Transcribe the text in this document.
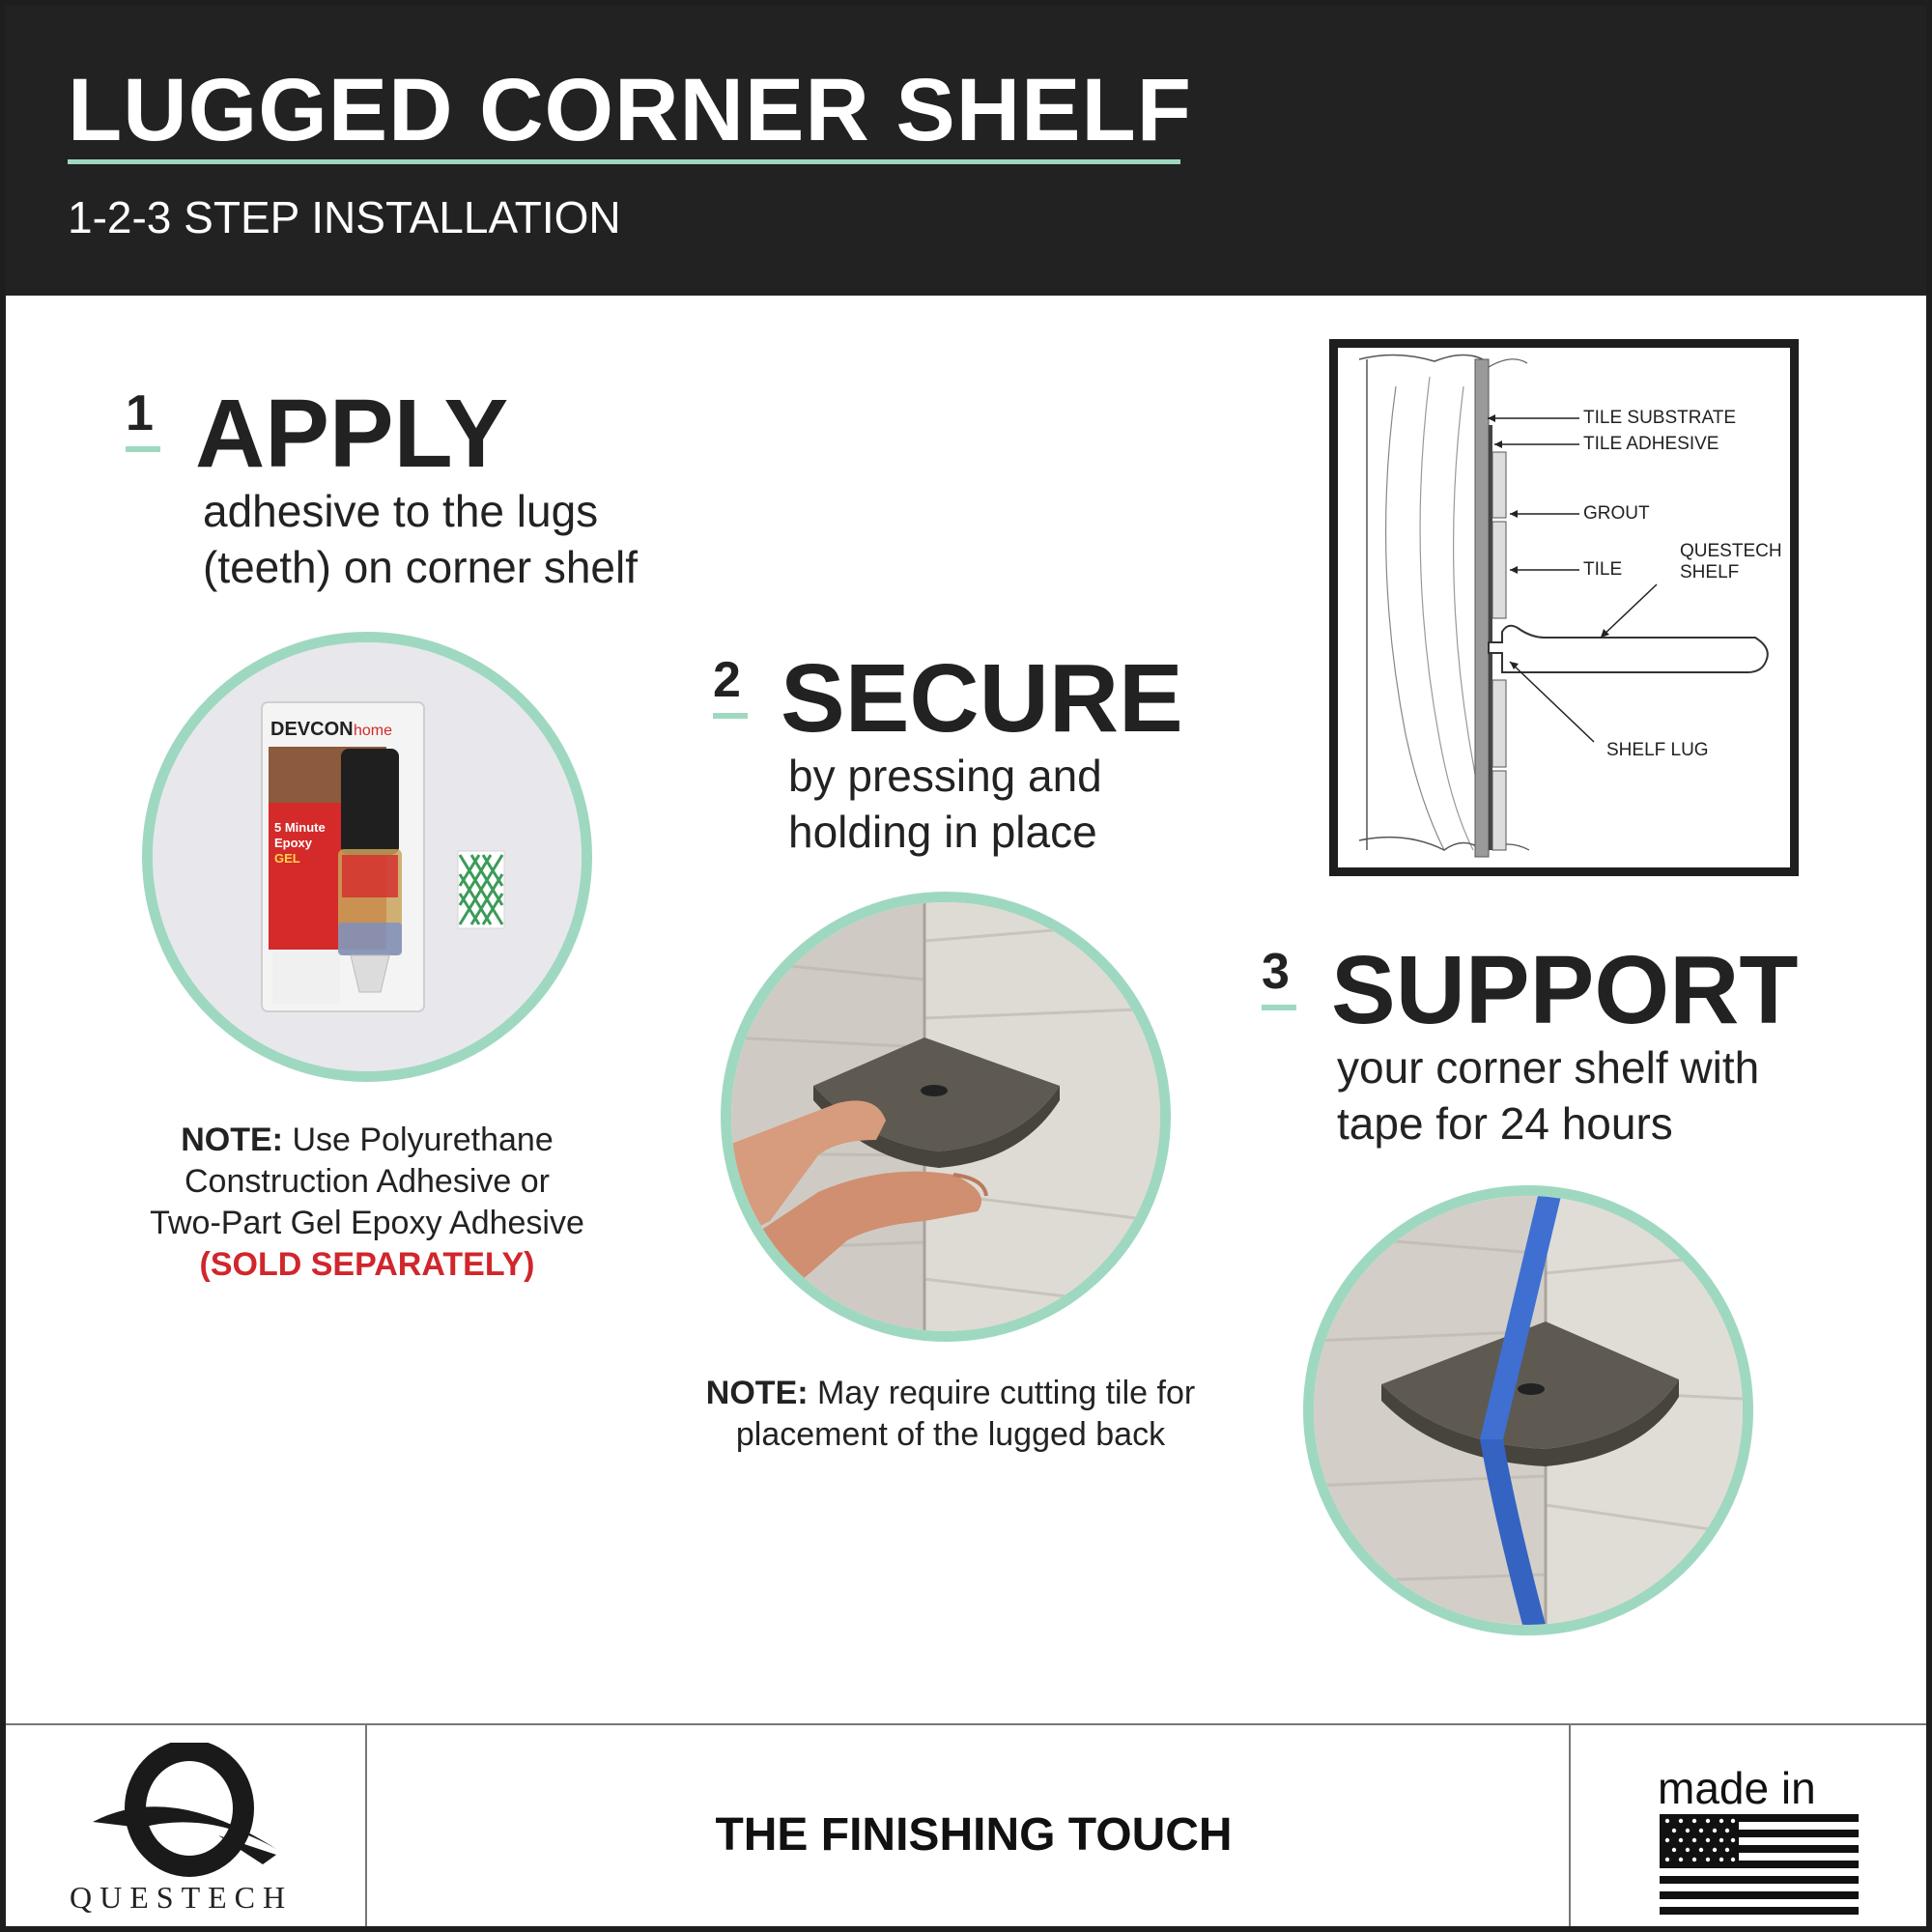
LUGGED CORNER SHELF
1-2-3 STEP INSTALLATION
1 APPLY
adhesive to the lugs
(teeth) on corner shelf
DEVCON home
5 Minute
Epoxy
GEL
NOTE: Use Polyurethane
Construction Adhesive or
Two-Part Gel Epoxy Adhesive
(SOLD SEPARATELY)
2 SECURE
by pressing and
holding in place
NOTE: May require cutting tile for
placement of the lugged back
TILE SUBSTRATE
TILE ADHESIVE
GROUT
TILE
QUESTECH
SHELF
SHELF LUG
3 SUPPORT
your corner shelf with
tape for 24 hours
QUESTECH
THE FINISHING TOUCH
made in
